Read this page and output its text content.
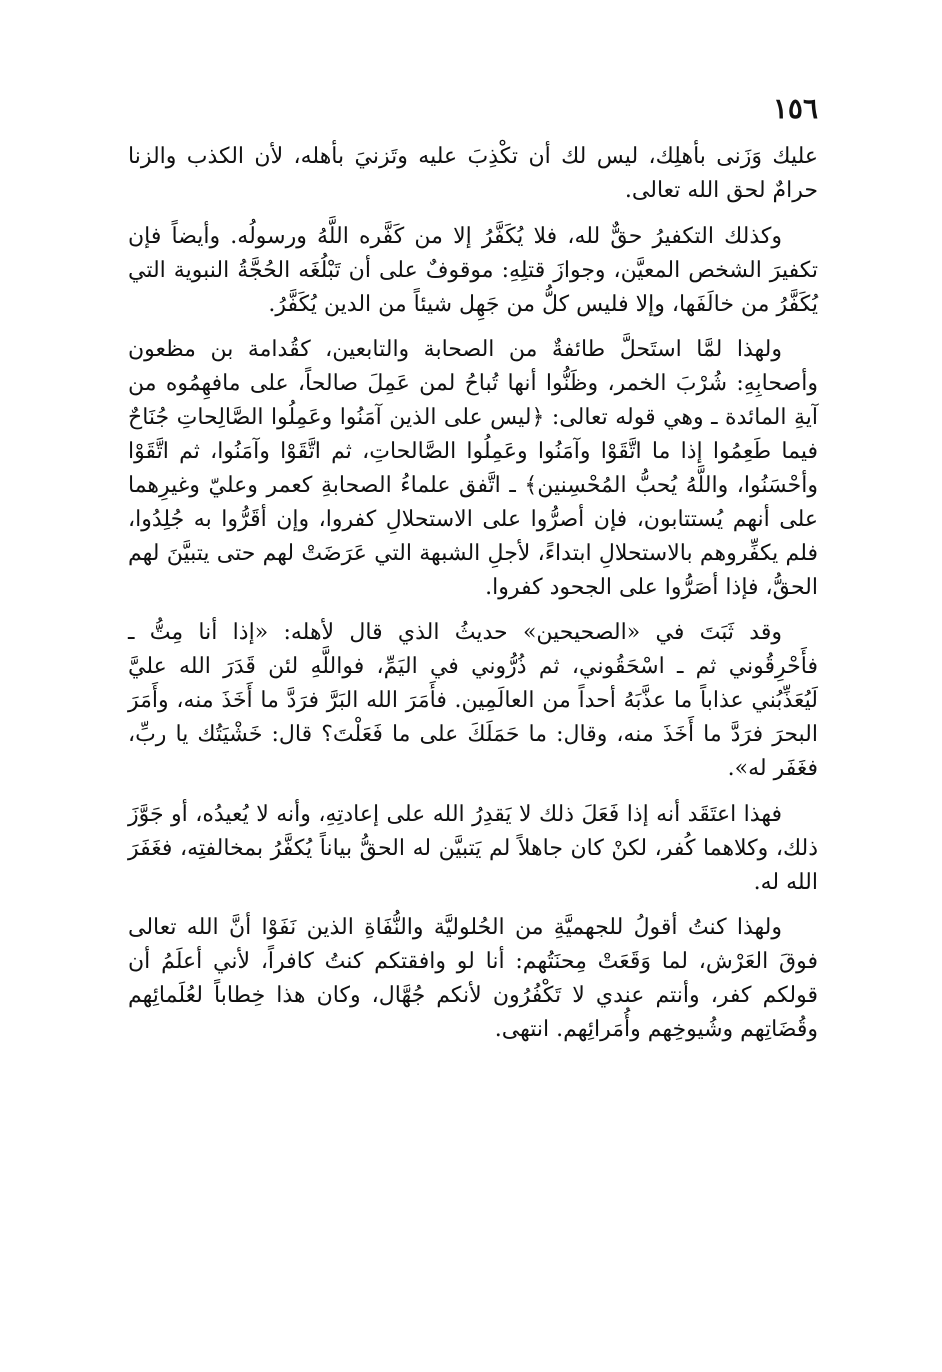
١٥٦

عليك وَزَنى بأهلِك، ليس لك أن تكْذِبَ عليه وتَزنيَ بأهله، لأن الكذب والزنا حرامٌ لحق الله تعالى.

وكذلك التكفيرُ حقٌّ لله، فلا يُكَفَّرُ إلا من كَفَّره اللَّهُ ورسولُه. وأيضاً فإن تكفيرَ الشخص المعيَّن، وجوازَ قتلِهِ: موقوفٌ على أن تَبْلُغَه الحُجَّةُ النبوية التي يُكَفَّرُ من خالَفَها، وإلا فليس كلُّ من جَهِل شيئاً من الدين يُكَفَّرُ.

ولهذا لمَّا استَحلَّ طائفةٌ من الصحابة والتابعين، كقُدامة بن مظعون وأصحابِهِ: شُرْبَ الخمر، وظَنُّوا أنها تُباحُ لمن عَمِلَ صالحاً، على مافهِمُوه من آيةِ المائدة ـ وهي قوله تعالى: ﴿ليس على الذين آمَنُوا وعَمِلُوا الصَّالِحاتِ جُنَاحٌ فيما طَعِمُوا إذا ما اتَّقَوْا وآمَنُوا وعَمِلُوا الصَّالحاتِ، ثم اتَّقَوْا وآمَنُوا، ثم اتَّقَوْا وأحْسَنُوا، واللَّهُ يُحبُّ المُحْسِنين﴾ ـ اتَّفق علماءُ الصحابةِ كعمر وعليّ وغيرِهما على أنهم يُستتابون، فإن أصرُّوا على الاستحلالِ كفروا، وإن أقَرُّوا به جُلِدُوا، فلم يكفِّروهم بالاستحلالِ ابتداءً، لأجلِ الشبهة التي عَرَضَتْ لهم حتى يتبيَّنَ لهم الحقُّ، فإذا أصَرُّوا على الجحود كفروا.

وقد ثَبَتَ في «الصحيحين» حديثُ الذي قال لأهله: «إذا أنا مِتُّ ـ فأَحْرِقُوني ثم ـ اسْحَقُوني، ثم ذُرُّوني في اليَمِّ، فواللَّهِ لئن قَدَرَ الله عليَّ لَيُعَذِّبُني عذاباً ما عذَّبَهُ أحداً من العالَمِين. فأَمَرَ الله البَرَّ فرَدَّ ما أَخَذَ منه، وأَمَرَ البحرَ فرَدَّ ما أَخَذَ منه، وقال: ما حَمَلَكَ على ما فَعَلْتَ؟ قال: خَشْيَتُك يا ربِّ، فغَفَر له».

فهذا اعتَقَد أنه إذا فَعَلَ ذلك لا يَقدِرُ الله على إعادتِهِ، وأنه لا يُعيدُه، أو جَوَّزَ ذلك، وكلاهما كُفر، لكنْ كان جاهلاً لم يَتبيَّن له الحقُّ بياناً يُكفَّرُ بمخالفتِه، فغَفَرَ الله له.

ولهذا كنتُ أقولُ للجهميَّةِ من الحُلوليَّة والنُّفَاةِ الذين نَفَوْا أنَّ الله تعالى فوقَ العَرْش، لما وَقَعَتْ مِحنَتُهم: أنا لو وافقتكم كنتُ كافراً، لأني أعلَمُ أن قولكم كفر، وأنتم عندي لا تَكْفُرُون لأنكم جُهَّال، وكان هذا خِطاباً لعُلَمائِهم وقُضَاتِهم وشُيوخِهم وأُمَرائِهم. انتهى.
